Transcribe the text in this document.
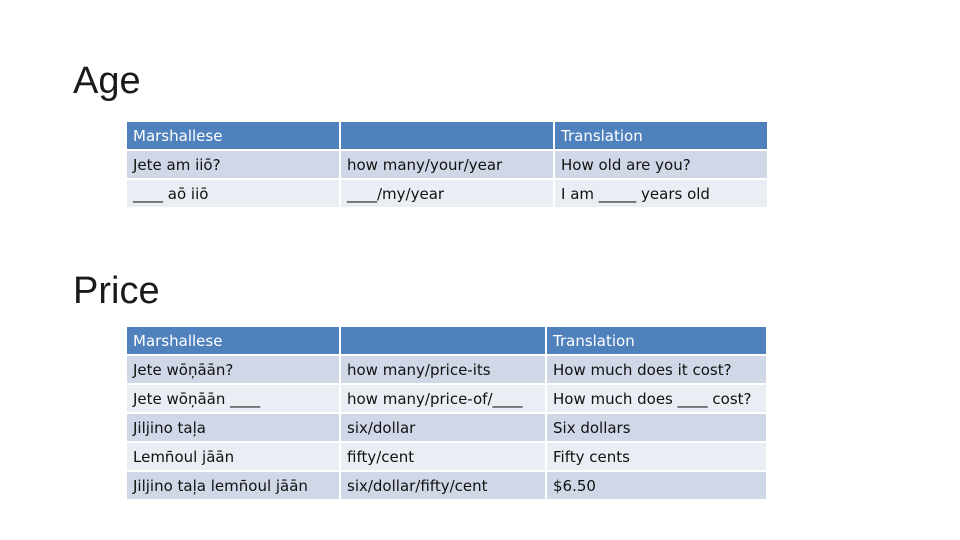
Age
Marshallese		Translation
Jete am iiō?	how many/your/year	How old are you?
____ aō iiō	____/my/year	I am _____ years old
Price
Marshallese		Translation
Jete wōņāān?	how many/price-its	How much does it cost?
Jete wōņāān ____	how many/price-of/____	How much does ____ cost?
Jiljino taļa	six/dollar	Six dollars
Lemn̄oul jāān	fifty/cent	Fifty cents
Jiljino taļa lemn̄oul jāān	six/dollar/fifty/cent	$6.50
